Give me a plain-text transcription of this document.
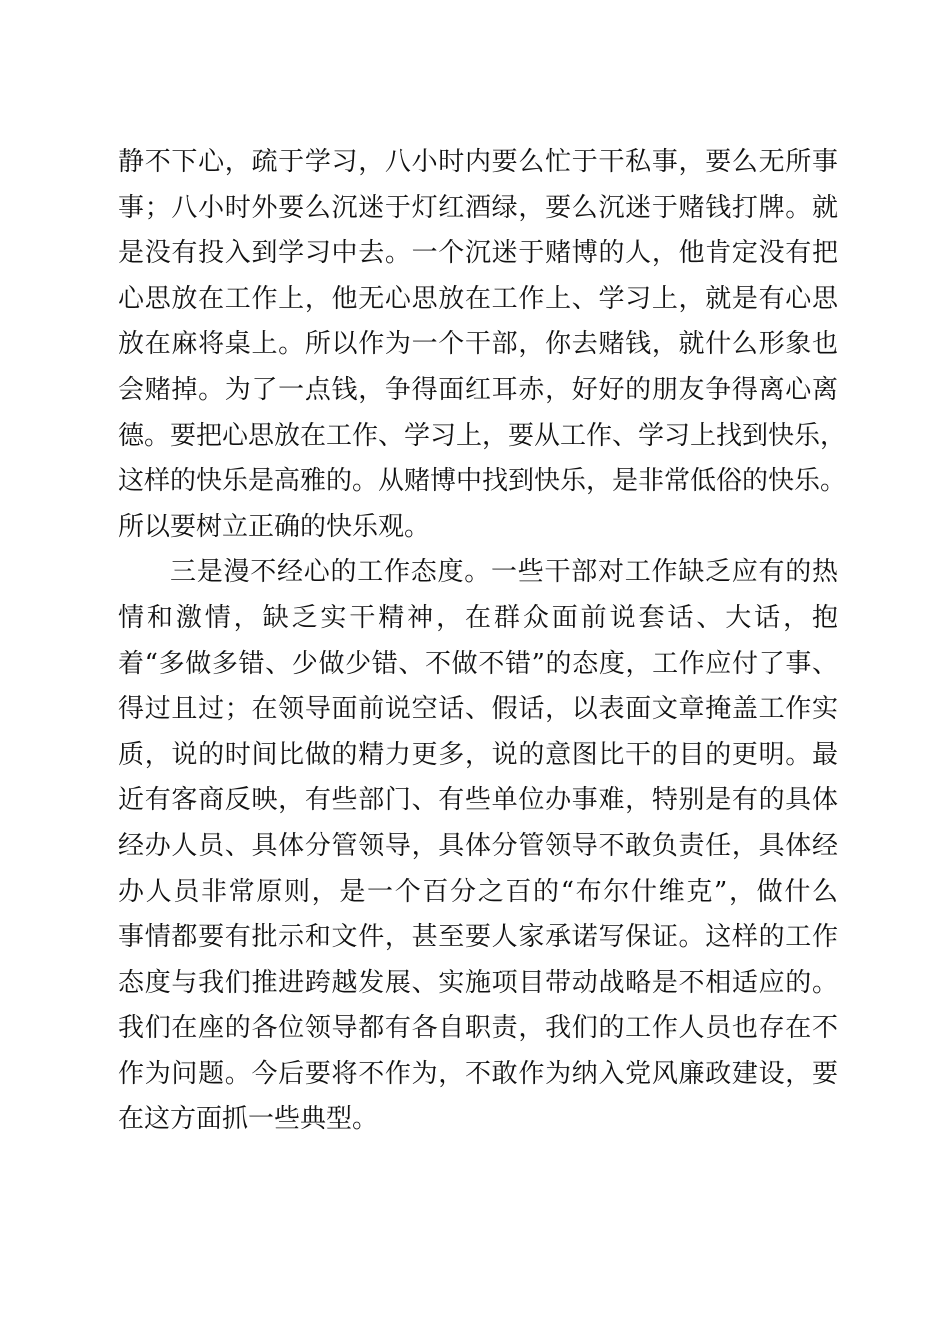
静不下心，疏于学习，八小时内要么忙于干私事，要么无所事
事；八小时外要么沉迷于灯红酒绿，要么沉迷于赌钱打牌。就
是没有投入到学习中去。一个沉迷于赌博的人，他肯定没有把
心思放在工作上，他无心思放在工作上、学习上，就是有心思
放在麻将桌上。所以作为一个干部，你去赌钱，就什么形象也
会赌掉。为了一点钱，争得面红耳赤，好好的朋友争得离心离
德。要把心思放在工作、学习上，要从工作、学习上找到快乐，
这样的快乐是高雅的。从赌博中找到快乐，是非常低俗的快乐。
所以要树立正确的快乐观。
三是漫不经心的工作态度。一些干部对工作缺乏应有的热
情和激情，缺乏实干精神，在群众面前说套话、大话，抱
着“多做多错、少做少错、不做不错”的态度，工作应付了事、
得过且过；在领导面前说空话、假话，以表面文章掩盖工作实
质，说的时间比做的精力更多，说的意图比干的目的更明。最
近有客商反映，有些部门、有些单位办事难，特别是有的具体
经办人员、具体分管领导，具体分管领导不敢负责任，具体经
办人员非常原则，是一个百分之百的“布尔什维克”，做什么
事情都要有批示和文件，甚至要人家承诺写保证。这样的工作
态度与我们推进跨越发展、实施项目带动战略是不相适应的。
我们在座的各位领导都有各自职责，我们的工作人员也存在不
作为问题。今后要将不作为，不敢作为纳入党风廉政建设，要
在这方面抓一些典型。
